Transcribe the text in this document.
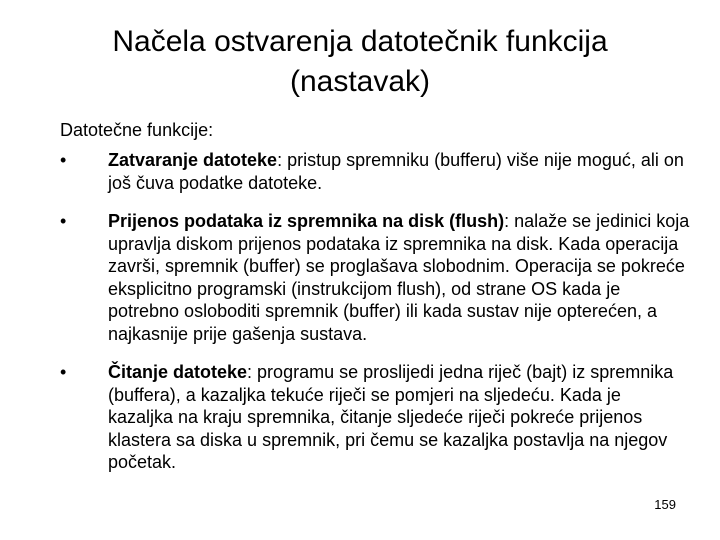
Načela ostvarenja datotečnik funkcija
(nastavak)
Datotečne funkcije:
•	Zatvaranje datoteke: pristup spremniku (bufferu) više nije moguć, ali on još čuva podatke datoteke.
•	Prijenos podataka iz spremnika na disk (flush): nalaže se jedinici koja upravlja diskom prijenos podataka iz spremnika na disk. Kada operacija završi, spremnik (buffer) se proglašava slobodnim. Operacija se pokreće eksplicitno programski (instrukcijom flush), od strane OS kada je potrebno osloboditi spremnik (buffer) ili kada sustav nije opterećen, a najkasnije prije gašenja sustava.
•	Čitanje datoteke: programu se proslijedi jedna riječ (bajt) iz spremnika (buffera), a kazaljka tekuće riječi se pomjeri na sljedeću. Kada je kazaljka na kraju spremnika, čitanje sljedeće riječi pokreće prijenos klastera sa diska u spremnik, pri čemu se kazaljka postavlja na njegov početak.
159
